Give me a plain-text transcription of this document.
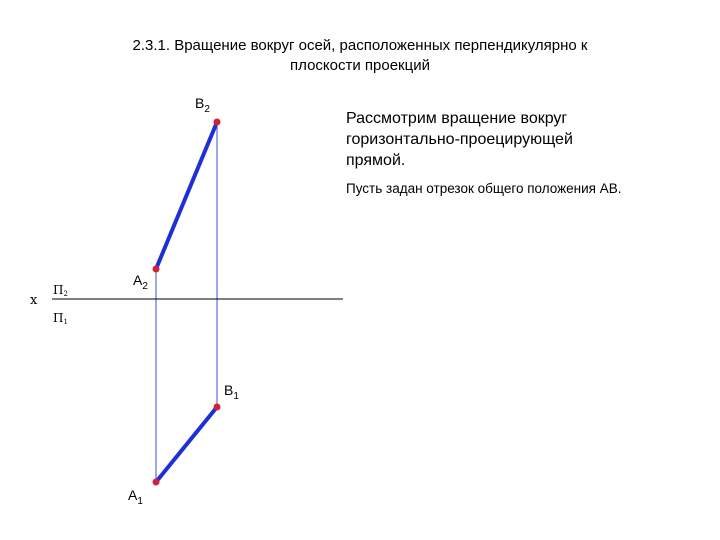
2.3.1. Вращение вокруг осей, расположенных перпендикулярно к
плоскости проекций
Рассмотрим вращение вокруг
горизонтально-проецирующей
прямой.
Пусть задан отрезок общего положения АВ.
$B_2$
$A_2$
$B_1$
$A_1$
x
П2
П1
